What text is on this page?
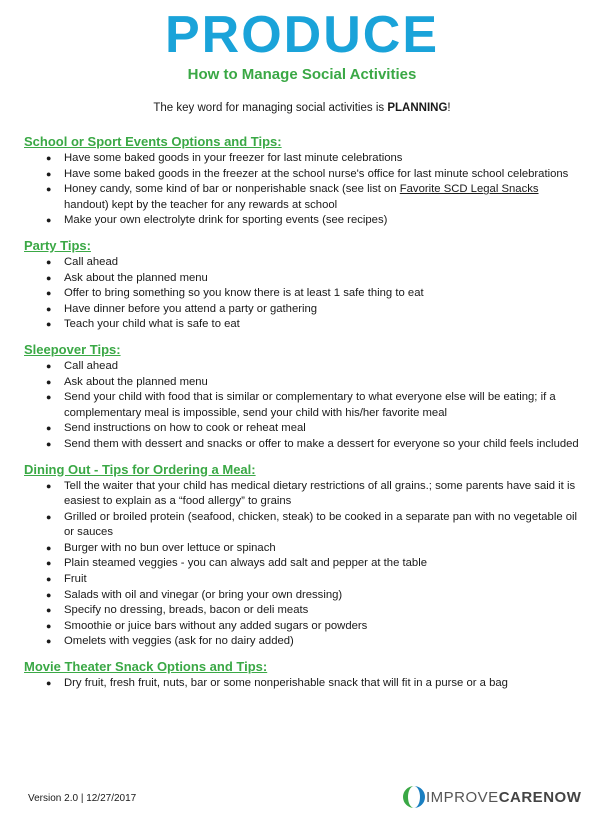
PRODUCE
How to Manage Social Activities
The key word for managing social activities is PLANNING!
School or Sport Events Options and Tips:
● Have some baked goods in your freezer for last minute celebrations
● Have some baked goods in the freezer at the school nurse's office for last minute school celebrations
● Honey candy, some kind of bar or nonperishable snack (see list on Favorite SCD Legal Snacks handout) kept by the teacher for any rewards at school
● Make your own electrolyte drink for sporting events (see recipes)
Party Tips:
● Call ahead
● Ask about the planned menu
● Offer to bring something so you know there is at least 1 safe thing to eat
● Have dinner before you attend a party or gathering
● Teach your child what is safe to eat
Sleepover Tips:
● Call ahead
● Ask about the planned menu
● Send your child with food that is similar or complementary to what everyone else will be eating; if a complementary meal is impossible, send your child with his/her favorite meal
● Send instructions on how to cook or reheat meal
● Send them with dessert and snacks or offer to make a dessert for everyone so your child feels included
Dining Out - Tips for Ordering a Meal:
● Tell the waiter that your child has medical dietary restrictions of all grains.; some parents have said it is easiest to explain as a “food allergy” to grains
● Grilled or broiled protein (seafood, chicken, steak) to be cooked in a separate pan with no vegetable oil or sauces
● Burger with no bun over lettuce or spinach
● Plain steamed veggies - you can always add salt and pepper at the table
● Fruit
● Salads with oil and vinegar (or bring your own dressing)
● Specify no dressing, breads, bacon or deli meats
● Smoothie or juice bars without any added sugars or powders
● Omelets with veggies (ask for no dairy added)
Movie Theater Snack Options and Tips:
● Dry fruit, fresh fruit, nuts, bar or some nonperishable snack that will fit in a purse or a bag
Version 2.0 | 12/27/2017	IMPROVECARENOW
